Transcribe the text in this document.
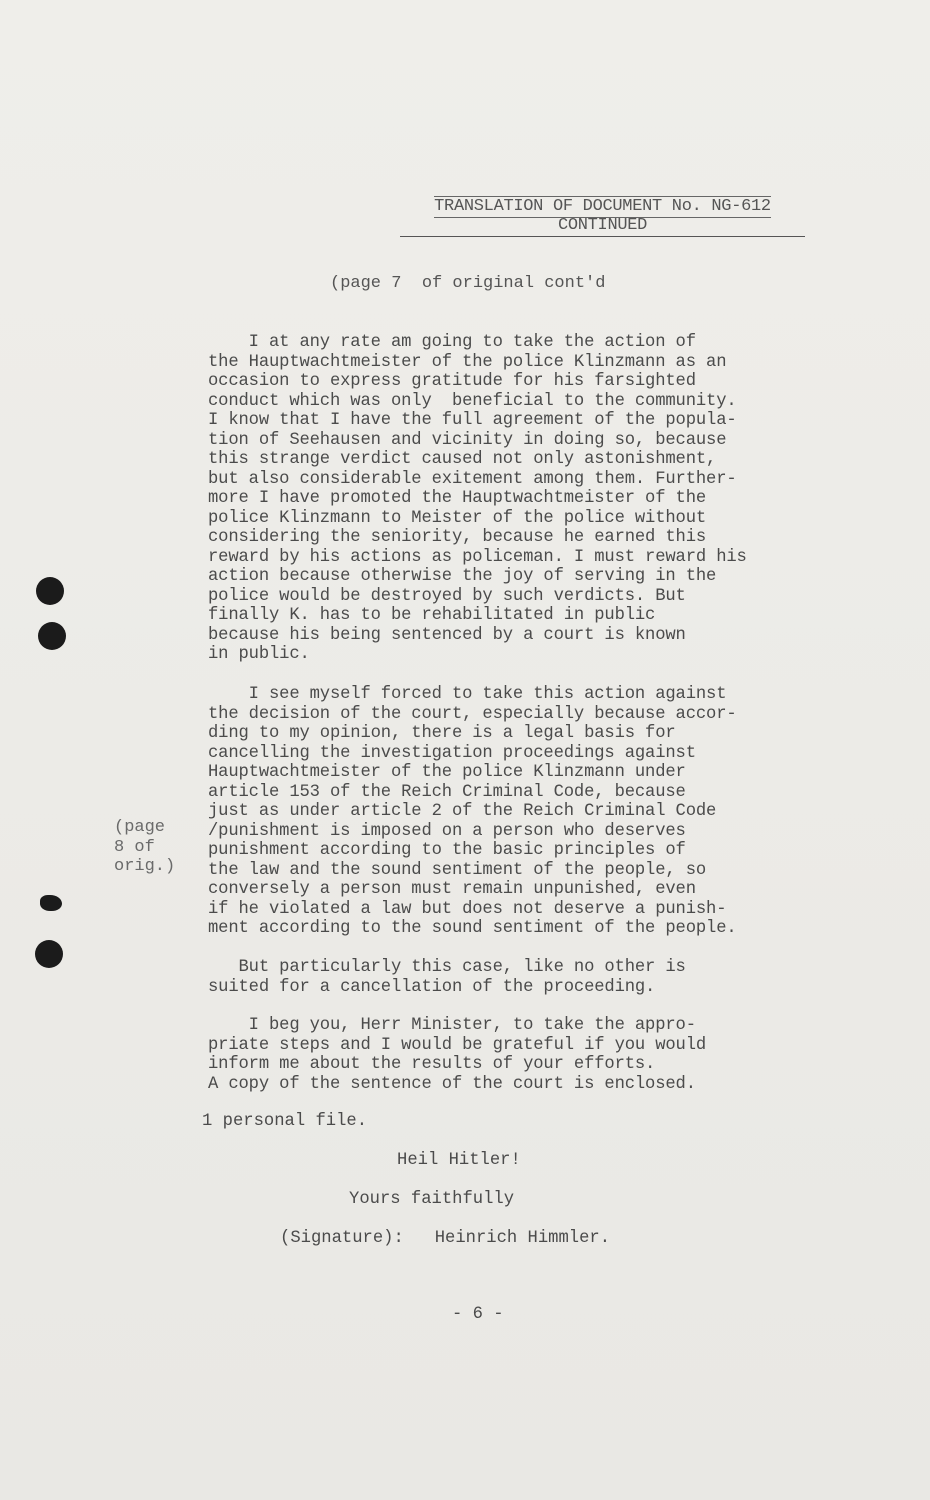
TRANSLATION OF DOCUMENT No. NG-612

CONTINUED
(page 7  of original cont'd
I at any rate am going to take the action of
the Hauptwachtmeister of the police Klinzmann as an
occasion to express gratitude for his farsighted
conduct which was only  beneficial to the community.
I know that I have the full agreement of the popula-
tion of Seehausen and vicinity in doing so, because
this strange verdict caused not only astonishment,
but also considerable exitement among them. Further-
more I have promoted the Hauptwachtmeister of the
police Klinzmann to Meister of the police without
considering the seniority, because he earned this
reward by his actions as policeman. I must reward his
action because otherwise the joy of serving in the
police would be destroyed by such verdicts. But
finally K. has to be rehabilitated in public
because his being sentenced by a court is known
in public.
I see myself forced to take this action against
the decision of the court, especially because accor-
ding to my opinion, there is a legal basis for
cancelling the investigation proceedings against
Hauptwachtmeister of the police Klinzmann under
article 153 of the Reich Criminal Code, because
just as under article 2 of the Reich Criminal Code
/punishment is imposed on a person who deserves
punishment according to the basic principles of
the law and the sound sentiment of the people, so
conversely a person must remain unpunished, even
if he violated a law but does not deserve a punish-
ment according to the sound sentiment of the people.
(page
8 of
orig.)
But particularly this case, like no other is
suited for a cancellation of the proceeding.
I beg you, Herr Minister, to take the appro-
priate steps and I would be grateful if you would
inform me about the results of your efforts.
A copy of the sentence of the court is enclosed.
1 personal file.
Heil Hitler!
Yours faithfully
(Signature):   Heinrich Himmler.
- 6 -
